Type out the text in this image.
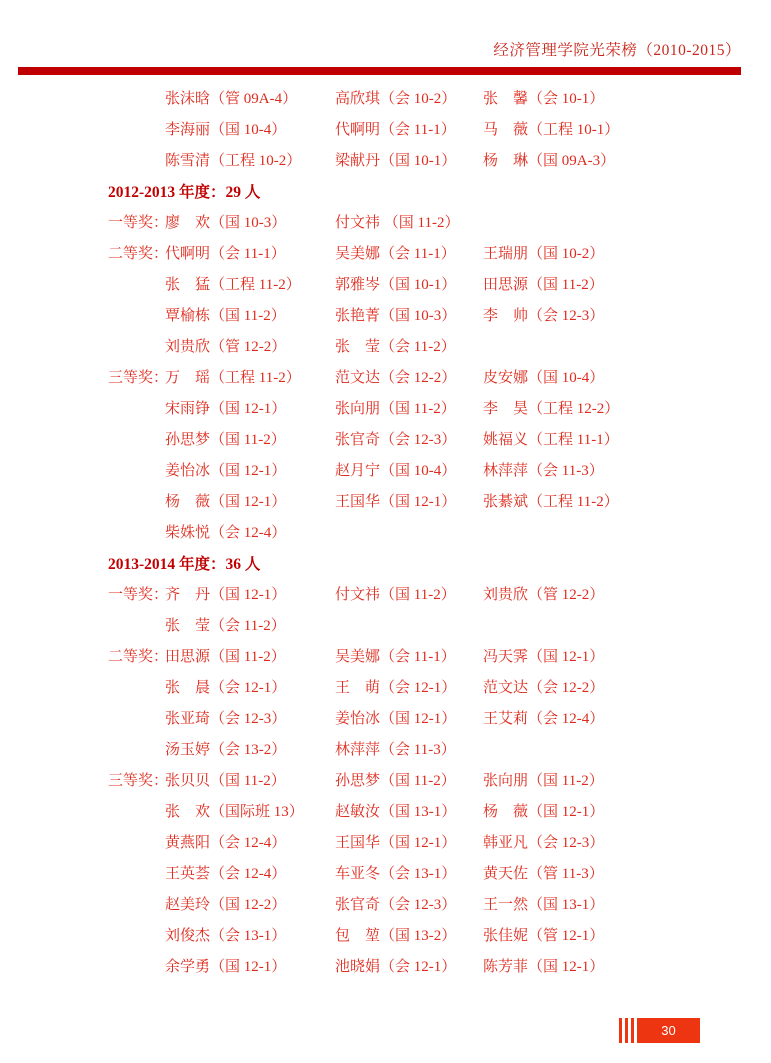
经济管理学院光荣榜（2010-2015）
张沫晗（管 09A-4）	高欣琪（会 10-2） 张　馨（会 10-1）
李海丽（国 10-4）	代啊明（会 11-1） 马　薇（工程 10-1）
陈雪清（工程 10-2） 梁献丹（国 10-1） 杨　琳（国 09A-3）
2012-2013 年度：29 人
一等奖：
廖　欢（国 10-3）	付文祎 （国 11-2）
二等奖：
代啊明（会 11-1）	吴美娜（会 11-1） 王瑞朋（国 10-2）
张　猛（工程 11-2） 郭雅岑（国 10-1） 田思源（国 11-2）
覃榆栋（国 11-2）	张艳菁（国 10-3） 李　帅（会 12-3）
刘贵欣（管 12-2）	张　莹（会 11-2）
三等奖：
万　瑶（工程 11-2） 范文达（会 12-2） 皮安娜（国 10-4）
宋雨铮（国 12-1）	张向朋（国 11-2） 李　昊（工程 12-2）
孙思梦（国 11-2）	张官奇（会 12-3） 姚福义（工程 11-1）
姜怡冰（国 12-1）	赵月宁（国 10-4） 林萍萍（会 11-3）
杨　薇（国 12-1）	王国华（国 12-1） 张綦斌（工程 11-2）
柴姝悦（会 12-4）
2013-2014 年度：36 人
一等奖：
齐　丹（国 12-1）	付文祎（国 11-2） 刘贵欣（管 12-2）
张　莹（会 11-2）
二等奖：
田思源（国 11-2）	吴美娜（会 11-1） 冯天霁（国 12-1）
张　晨（会 12-1）	王　萌（会 12-1） 范文达（会 12-2）
张亚琦（会 12-3）	姜怡冰（国 12-1） 王艾莉（会 12-4）
汤玉婷（会 13-2）	林萍萍（会 11-3）
三等奖：
张贝贝（国 11-2）	孙思梦（国 11-2） 张向朋（国 11-2）
张　欢（国际班 13） 赵敏汝（国 13-1） 杨　薇（国 12-1）
黄燕阳（会 12-4）	王国华（国 12-1） 韩亚凡（会 12-3）
王英荟（会 12-4）	车亚冬（会 13-1） 黄天佐（管 11-3）
赵美玲（国 12-2）	张官奇（会 12-3） 王一然（国 13-1）
刘俊杰（会 13-1）	包　堃（国 13-2） 张佳妮（管 12-1）
余学勇（国 12-1）	池晓娟（会 12-1） 陈芳菲（国 12-1）
30
